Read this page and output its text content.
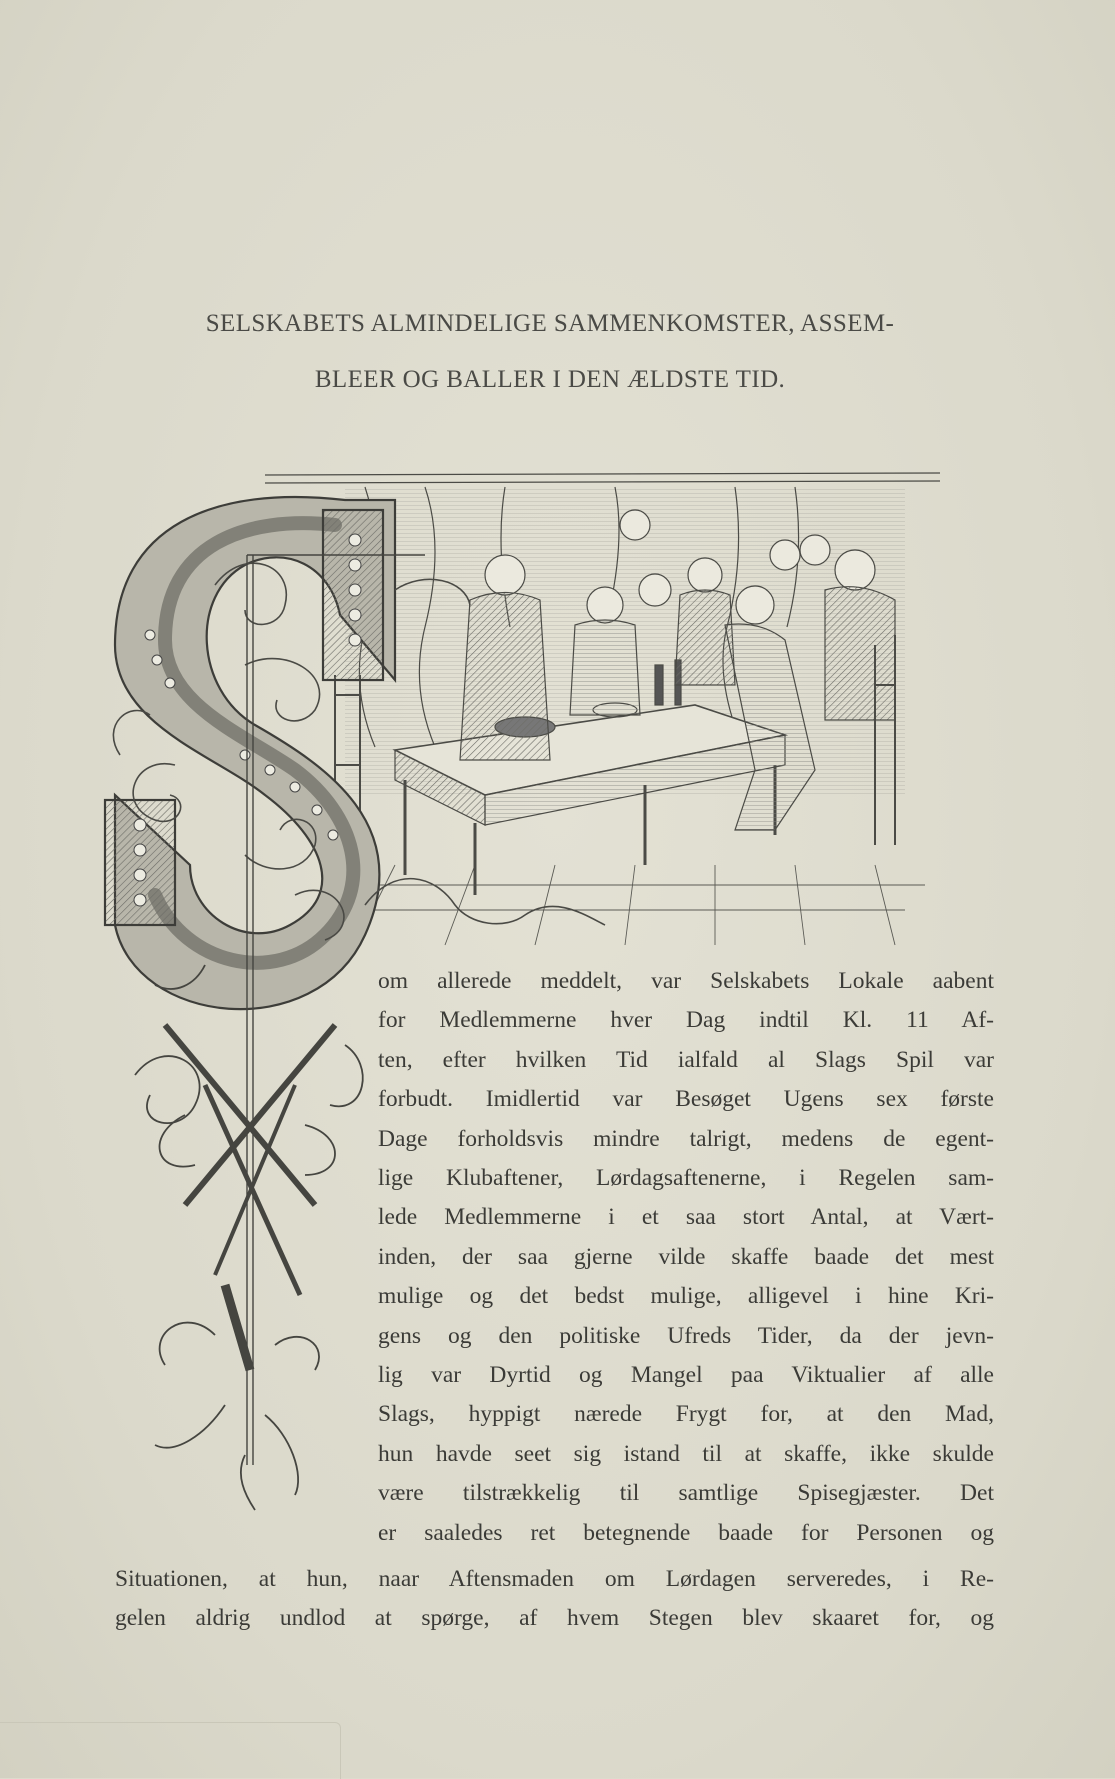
SELSKABETS ALMINDELIGE SAMMENKOMSTER, ASSEM-
BLEER OG BALLER I DEN ÆLDSTE TID.
om allerede meddelt, var Selskabets Lokale aabent
for Medlemmerne hver Dag indtil Kl. 11 Af-
ten, efter hvilken Tid ialfald al Slags Spil var
forbudt. Imidlertid var Besøget Ugens sex første
Dage forholdsvis mindre talrigt, medens de egent-
lige Klubaftener, Lørdagsaftenerne, i Regelen sam-
lede Medlemmerne i et saa stort Antal, at Vært-
inden, der saa gjerne vilde skaffe baade det mest
mulige og det bedst mulige, alligevel i hine Kri-
gens og den politiske Ufreds Tider, da der jevn-
lig var Dyrtid og Mangel paa Viktualier af alle
Slags, hyppigt nærede Frygt for, at den Mad,
hun havde seet sig istand til at skaffe, ikke skulde
være tilstrækkelig til samtlige Spisegjæster. Det
er saaledes ret betegnende baade for Personen og
Situationen, at hun, naar Aftensmaden om Lørdagen serveredes, i Re-
gelen aldrig undlod at spørge, af hvem Stegen blev skaaret for, og
